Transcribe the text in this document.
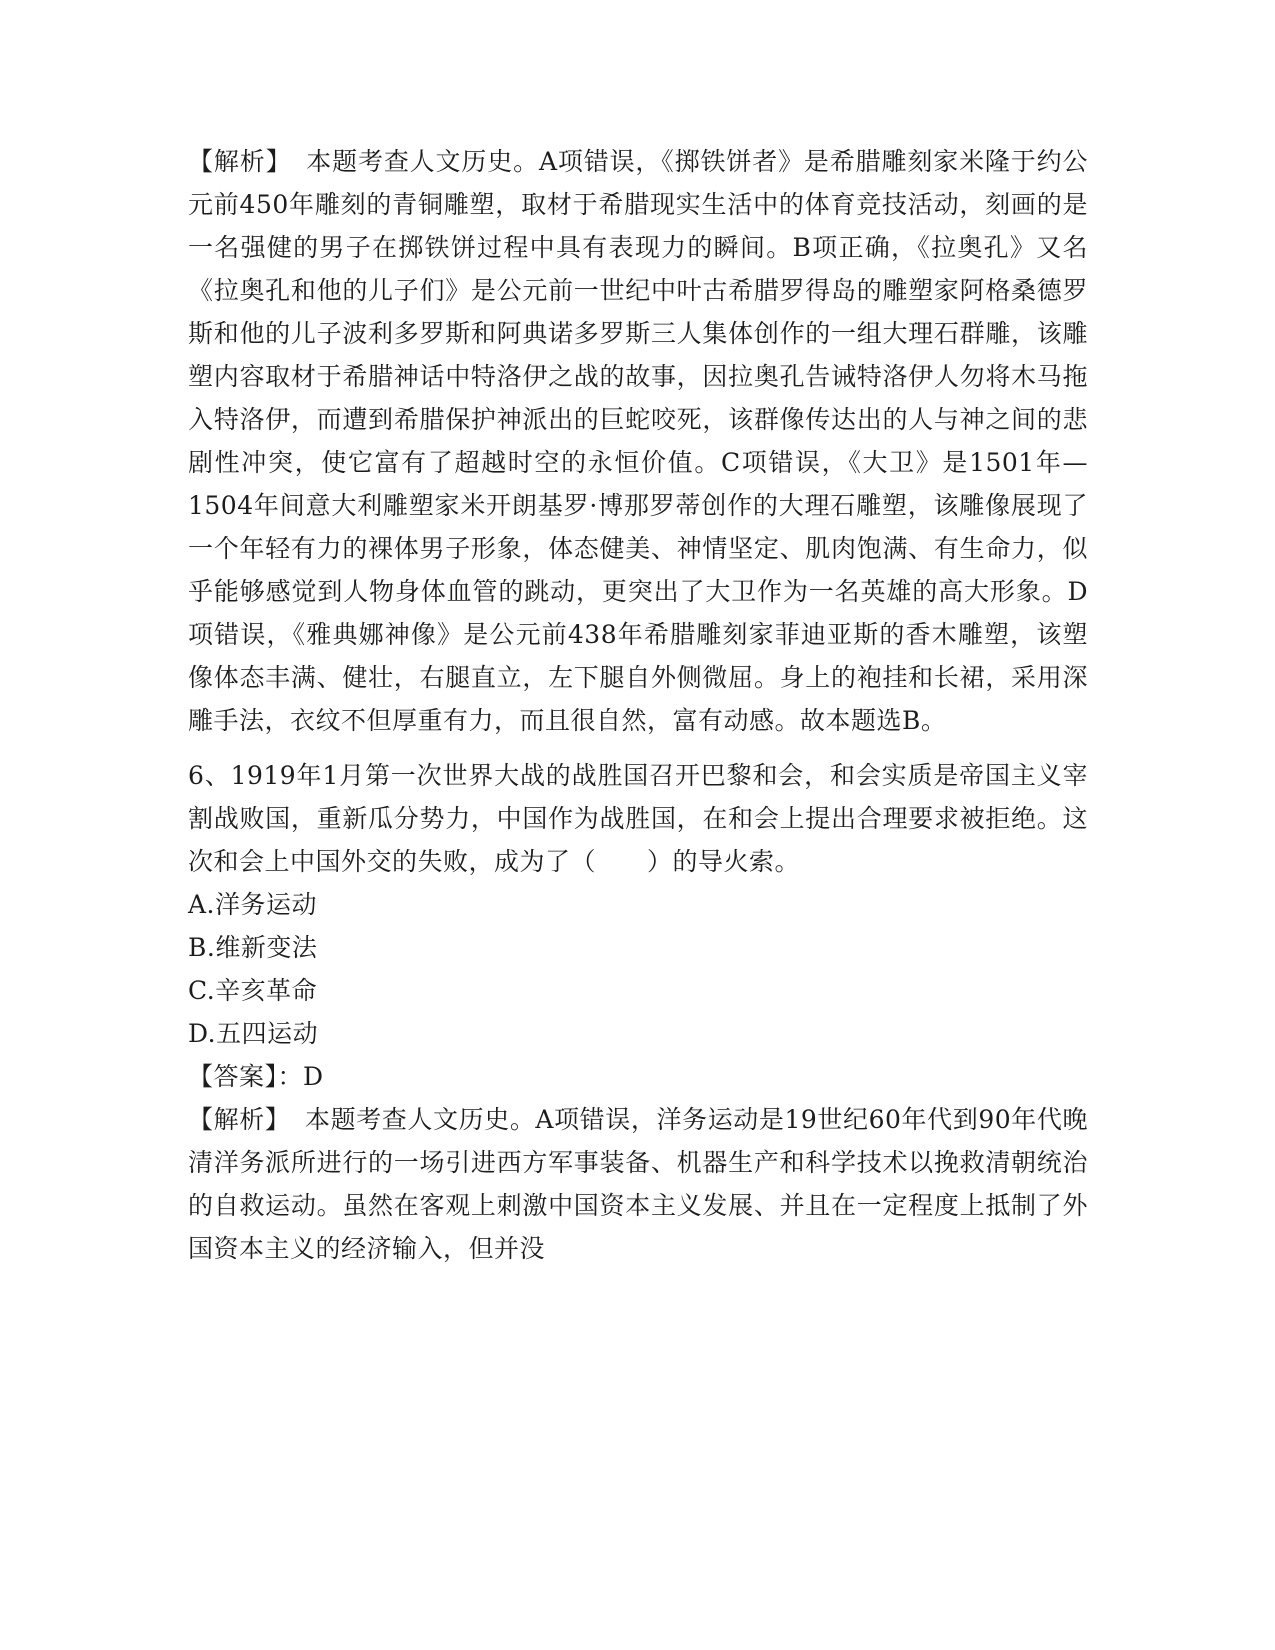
【解析】 本题考查人文历史。A项错误，《掷铁饼者》是希腊雕刻家米隆于约公元前450年雕刻的青铜雕塑，取材于希腊现实生活中的体育竞技活动，刻画的是一名强健的男子在掷铁饼过程中具有表现力的瞬间。B项正确，《拉奥孔》又名《拉奥孔和他的儿子们》是公元前一世纪中叶古希腊罗得岛的雕塑家阿格桑德罗斯和他的儿子波利多罗斯和阿典诺多罗斯三人集体创作的一组大理石群雕，该雕塑内容取材于希腊神话中特洛伊之战的故事，因拉奥孔告诫特洛伊人勿将木马拖入特洛伊，而遭到希腊保护神派出的巨蛇咬死，该群像传达出的人与神之间的悲剧性冲突，使它富有了超越时空的永恒价值。C项错误，《大卫》是1501年—1504年间意大利雕塑家米开朗基罗·博那罗蒂创作的大理石雕塑，该雕像展现了一个年轻有力的裸体男子形象，体态健美、神情坚定、肌肉饱满、有生命力，似乎能够感觉到人物身体血管的跳动，更突出了大卫作为一名英雄的高大形象。D项错误，《雅典娜神像》是公元前438年希腊雕刻家菲迪亚斯的香木雕塑，该塑像体态丰满、健壮，右腿直立，左下腿自外侧微屈。身上的袍挂和长裙，采用深雕手法，衣纹不但厚重有力，而且很自然，富有动感。故本题选B。

6、1919年1月第一次世界大战的战胜国召开巴黎和会，和会实质是帝国主义宰割战败国，重新瓜分势力，中国作为战胜国，在和会上提出合理要求被拒绝。这次和会上中国外交的失败，成为了（　　）的导火索。

A.洋务运动

B.维新变法

C.辛亥革命

D.五四运动

【答案】：D

【解析】 本题考查人文历史。A项错误，洋务运动是19世纪60年代到90年代晚清洋务派所进行的一场引进西方军事装备、机器生产和科学技术以挽救清朝统治的自救运动。虽然在客观上刺激中国资本主义发展、并且在一定程度上抵制了外国资本主义的经济输入，但并没
